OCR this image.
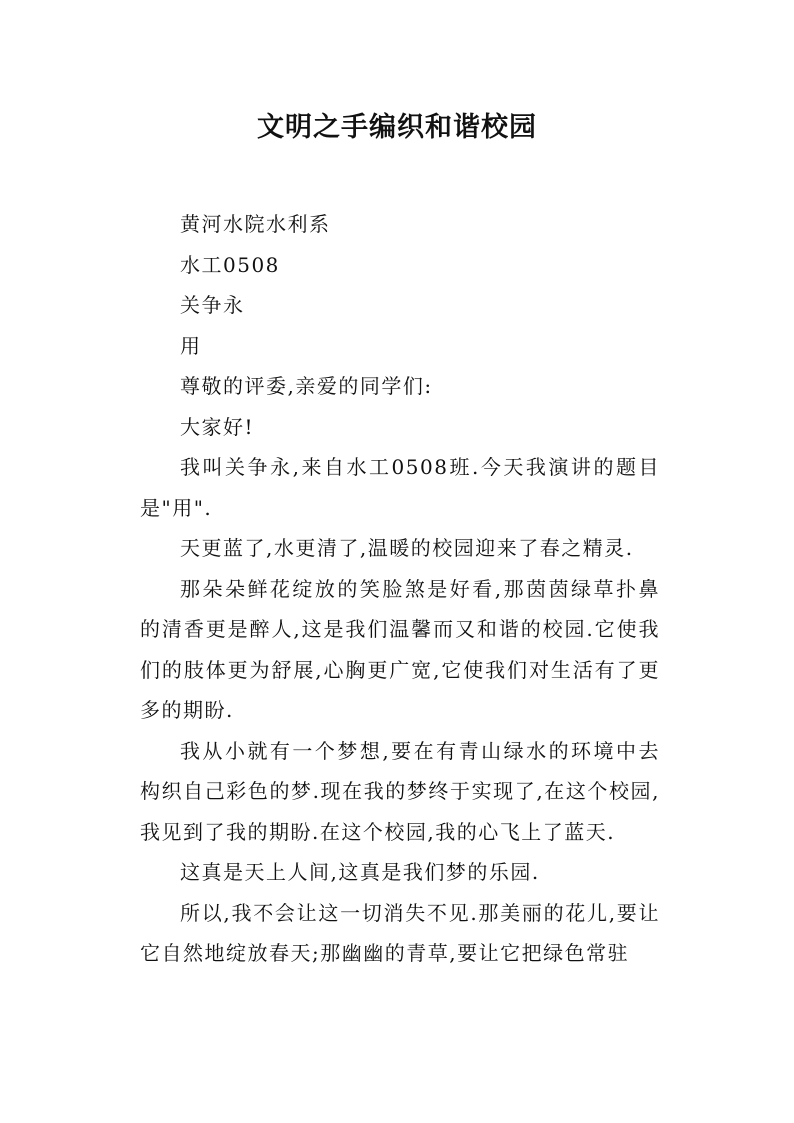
文明之手编织和谐校园

黄河水院水利系

水工0508

关争永

用

尊敬的评委,亲爱的同学们:

大家好!

我叫关争永,来自水工0508班.今天我演讲的题目是"用".

天更蓝了,水更清了,温暖的校园迎来了春之精灵.

那朵朵鲜花绽放的笑脸煞是好看,那茵茵绿草扑鼻的清香更是醉人,这是我们温馨而又和谐的校园.它使我们的肢体更为舒展,心胸更广宽,它使我们对生活有了更多的期盼.

我从小就有一个梦想,要在有青山绿水的环境中去构织自己彩色的梦.现在我的梦终于实现了,在这个校园,我见到了我的期盼.在这个校园,我的心飞上了蓝天.

这真是天上人间,这真是我们梦的乐园.

所以,我不会让这一切消失不见.那美丽的花儿,要让它自然地绽放春天;那幽幽的青草,要让它把绿色常驻
